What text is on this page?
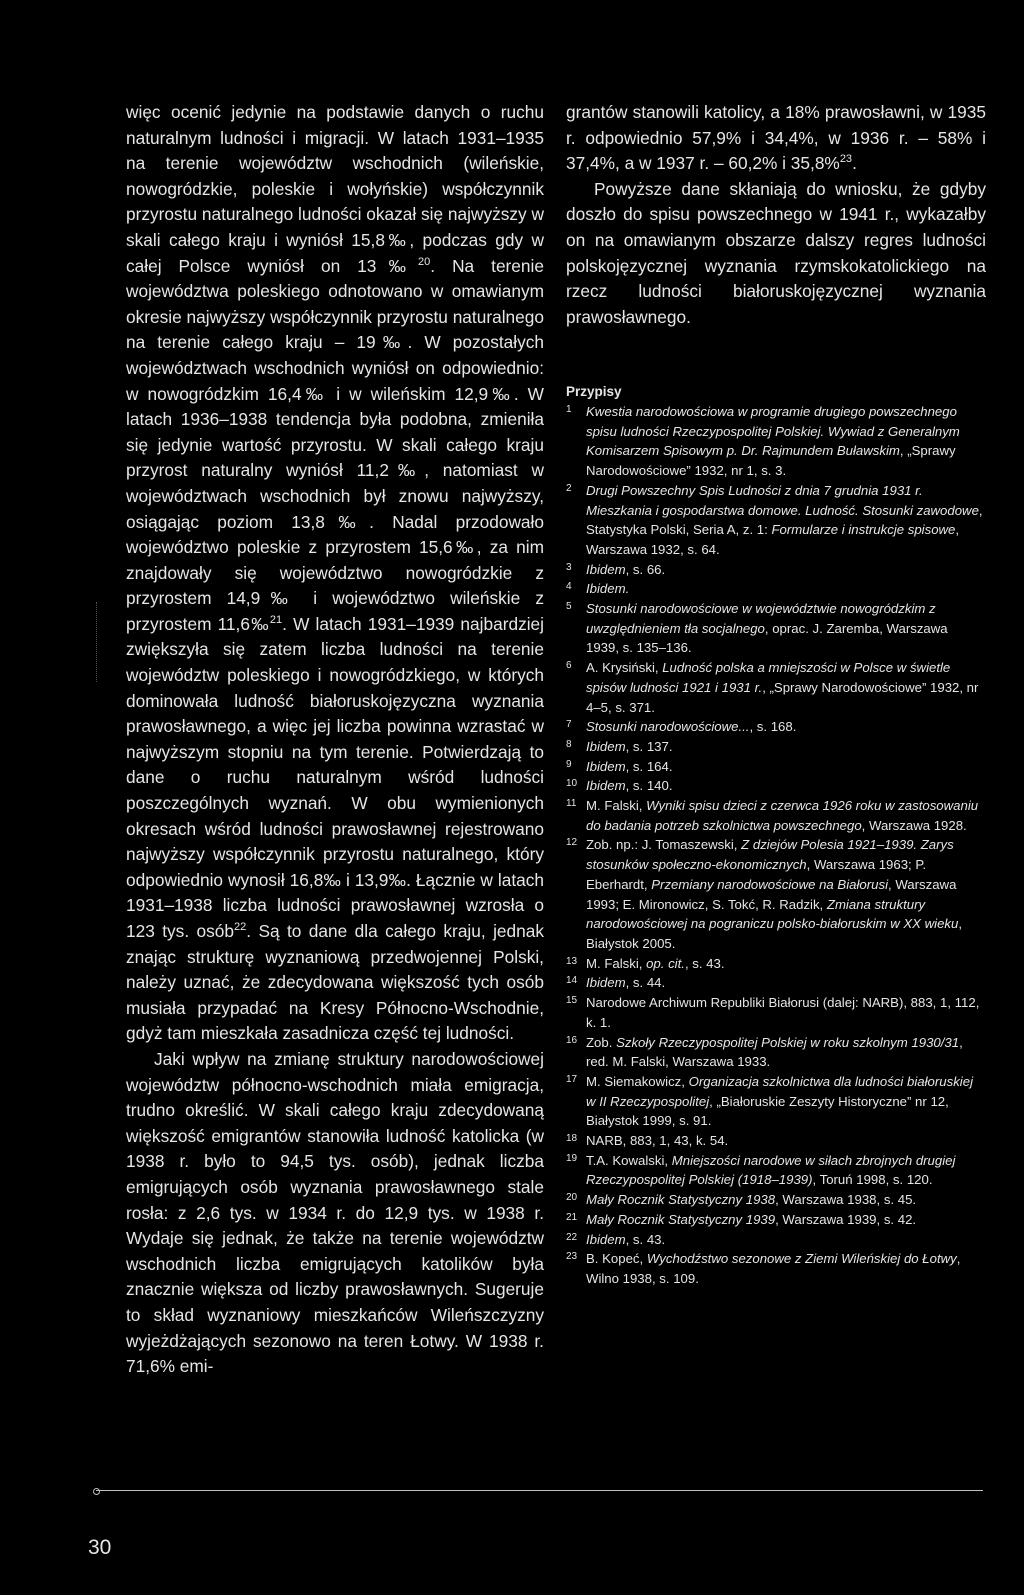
więc ocenić jedynie na podstawie danych o ruchu naturalnym ludności i migracji. W latach 1931–1935 na terenie województw wschodnich (wileńskie, nowogródzkie, poleskie i wołyńskie) współczynnik przyrostu naturalnego ludności okazał się najwyższy w skali całego kraju i wyniósł 15,8‰, podczas gdy w całej Polsce wyniósł on 13‰$^{20}$. Na terenie województwa poleskiego odnotowano w omawianym okresie najwyższy współczynnik przyrostu naturalnego na terenie całego kraju – 19‰. W pozostałych województwach wschodnich wyniósł on odpowiednio: w nowogródzkim 16,4‰ i w wileńskim 12,9‰. W latach 1936–1938 tendencja była podobna, zmieniła się jedynie wartość przyrostu. W skali całego kraju przyrost naturalny wyniósł 11,2‰, natomiast w województwach wschodnich był znowu najwyższy, osiągając poziom 13,8‰. Nadal przodowało województwo poleskie z przyrostem 15,6‰, za nim znajdowały się województwo nowogródzkie z przyrostem 14,9‰ i województwo wileńskie z przyrostem 11,6‰$^{21}$. W latach 1931–1939 najbardziej zwiększyła się zatem liczba ludności na terenie województw poleskiego i nowogródzkiego, w których dominowała ludność białoruskojęzyczna wyznania prawosławnego, a więc jej liczba powinna wzrastać w najwyższym stopniu na tym terenie. Potwierdzają to dane o ruchu naturalnym wśród ludności poszczególnych wyznań. W obu wymienionych okresach wśród ludności prawosławnej rejestrowano najwyższy współczynnik przyrostu naturalnego, który odpowiednio wynosił 16,8‰ i 13,9‰. Łącznie w latach 1931–1938 liczba ludności prawosławnej wzrosła o 123 tys. osób$^{22}$. Są to dane dla całego kraju, jednak znając strukturę wyznaniową przedwojennej Polski, należy uznać, że zdecydowana większość tych osób musiała przypadać na Kresy Północno-Wschodnie, gdyż tam mieszkała zasadnicza część tej ludności.

Jaki wpływ na zmianę struktury narodowościowej województw północno-wschodnich miała emigracja, trudno określić. W skali całego kraju zdecydowaną większość emigrantów stanowiła ludność katolicka (w 1938 r. było to 94,5 tys. osób), jednak liczba emigrujących osób wyznania prawosławnego stale rosła: z 2,6 tys. w 1934 r. do 12,9 tys. w 1938 r. Wydaje się jednak, że także na terenie województw wschodnich liczba emigrujących katolików była znacznie większa od liczby prawosławnych. Sugeruje to skład wyznaniowy mieszkańców Wileńszczyzny wyjeżdżających sezonowo na teren Łotwy. W 1938 r. 71,6% emi-

grantów stanowili katolicy, a 18% prawosławni, w 1935 r. odpowiednio 57,9% i 34,4%, w 1936 r. – 58% i 37,4%, a w 1937 r. – 60,2% i 35,8%$^{23}$.

Powyższe dane skłaniają do wniosku, że gdyby doszło do spisu powszechnego w 1941 r., wykazałby on na omawianym obszarze dalszy regres ludności polskojęzycznej wyznania rzymskokatolickiego na rzecz ludności białoruskojęzycznej wyznania prawosławnego.

Przypisy

1 Kwestia narodowościowa w programie drugiego powszechnego spisu ludności Rzeczypospolitej Polskiej. Wywiad z Generalnym Komisarzem Spisowym p. Dr. Rajmundem Buławskim, „Sprawy Narodowościowe” 1932, nr 1, s. 3.

2 Drugi Powszechny Spis Ludności z dnia 7 grudnia 1931 r. Mieszkania i gospodarstwa domowe. Ludność. Stosunki zawodowe, Statystyka Polski, Seria A, z. 1: Formularze i instrukcje spisowe, Warszawa 1932, s. 64.

3 Ibidem, s. 66.

4 Ibidem.

5 Stosunki narodowościowe w województwie nowogródzkim z uwzględnieniem tła socjalnego, oprac. J. Zaremba, Warszawa 1939, s. 135–136.

6 A. Krysiński, Ludność polska a mniejszości w Polsce w świetle spisów ludności 1921 i 1931 r., „Sprawy Narodowościowe” 1932, nr 4–5, s. 371.

7 Stosunki narodowościowe..., s. 168.

8 Ibidem, s. 137.

9 Ibidem, s. 164.

10 Ibidem, s. 140.

11 M. Falski, Wyniki spisu dzieci z czerwca 1926 roku w zastosowaniu do badania potrzeb szkolnictwa powszechnego, Warszawa 1928.

12 Zob. np.: J. Tomaszewski, Z dziejów Polesia 1921–1939. Zarys stosunków społeczno-ekonomicznych, Warszawa 1963; P. Eberhardt, Przemiany narodowościowe na Białorusi, Warszawa 1993; E. Mironowicz, S. Tokć, R. Radzik, Zmiana struktury narodowościowej na pograniczu polsko-białoruskim w XX wieku, Białystok 2005.

13 M. Falski, op. cit., s. 43.

14 Ibidem, s. 44.

15 Narodowe Archiwum Republiki Białorusi (dalej: NARB), 883, 1, 112, k. 1.

16 Zob. Szkoły Rzeczypospolitej Polskiej w roku szkolnym 1930/31, red. M. Falski, Warszawa 1933.

17 M. Siemakowicz, Organizacja szkolnictwa dla ludności białoruskiej w II Rzeczypospolitej, „Białoruskie Zeszyty Historyczne” nr 12, Białystok 1999, s. 91.

18 NARB, 883, 1, 43, k. 54.

19 T.A. Kowalski, Mniejszości narodowe w siłach zbrojnych drugiej Rzeczypospolitej Polskiej (1918–1939), Toruń 1998, s. 120.

20 Mały Rocznik Statystyczny 1938, Warszawa 1938, s. 45.

21 Mały Rocznik Statystyczny 1939, Warszawa 1939, s. 42.

22 Ibidem, s. 43.

23 B. Kopeć, Wychodźstwo sezonowe z Ziemi Wileńskiej do Łotwy, Wilno 1938, s. 109.

30
